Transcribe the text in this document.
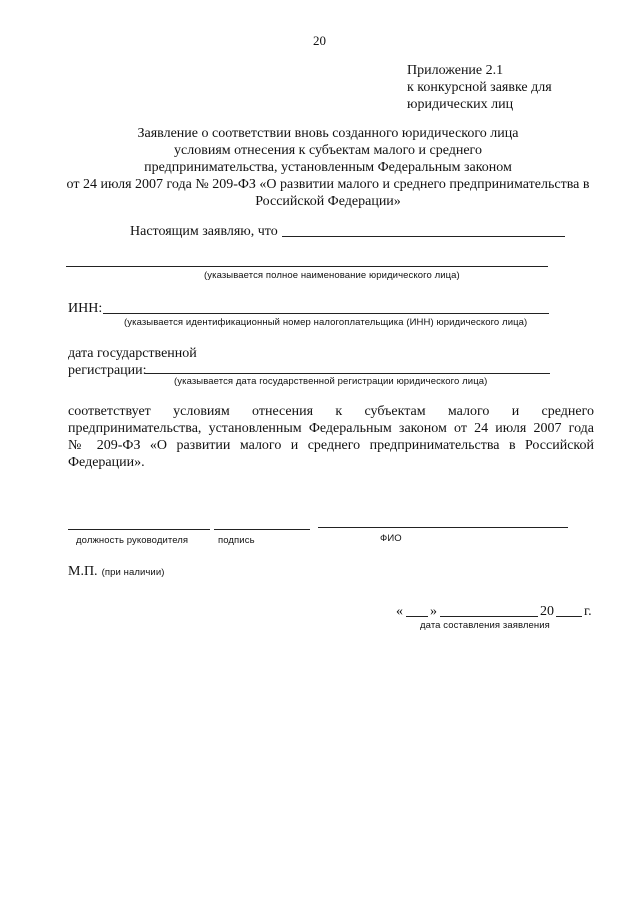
20
Приложение 2.1
к конкурсной заявке для
юридических лиц
Заявление о соответствии вновь созданного юридического лица
условиям отнесения к субъектам малого и среднего
предпринимательства, установленным Федеральным законом
от 24 июля 2007 года № 209-ФЗ «О развитии малого и среднего предпринимательства в
Российской Федерации»
Настоящим заявляю, что
(указывается полное наименование юридического лица)
ИНН:
(указывается идентификационный номер налогоплательщика (ИНН) юридического лица)
дата государственной
регистрации:
(указывается дата государственной регистрации юридического лица)
соответствует условиям отнесения к субъектам малого и среднего
предпринимательства, установленным Федеральным законом от 24 июля 2007 года
№ 209-ФЗ «О развитии малого и среднего предпринимательства в Российской
Федерации».
должность руководителя	подпись	ФИО
М.П. (при наличии)
« »	20 г.
дата составления заявления
